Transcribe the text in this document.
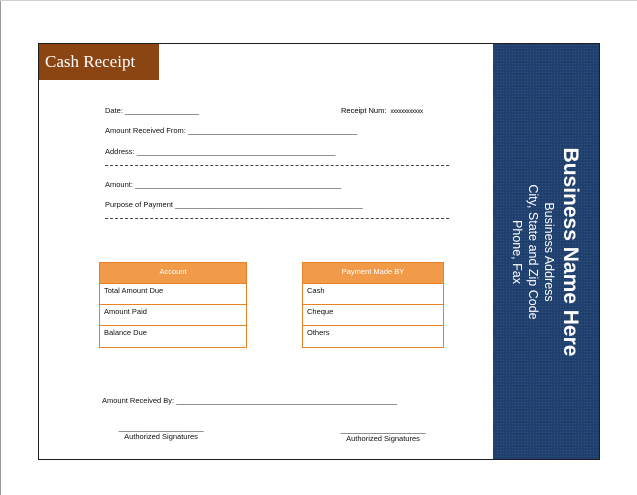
Cash Receipt
Date: ____________________	Receipt Num: xxxxxxxxxxxx
Amount Received From: ______________________________________________
Address: ______________________________________________________
Amount: ________________________________________________________
Purpose of Payment ___________________________________________________
Account
Total Amount Due
Amount Paid
Balance Due
Payment Made BY
Cash
Cheque
Others
Amount Received By: ____________________________________________________________
_______________________
Authorized Signatures
_______________________
Authorized Signatures
Business Name Here
Business Address
City, State and Zip Code
Phone, Fax
